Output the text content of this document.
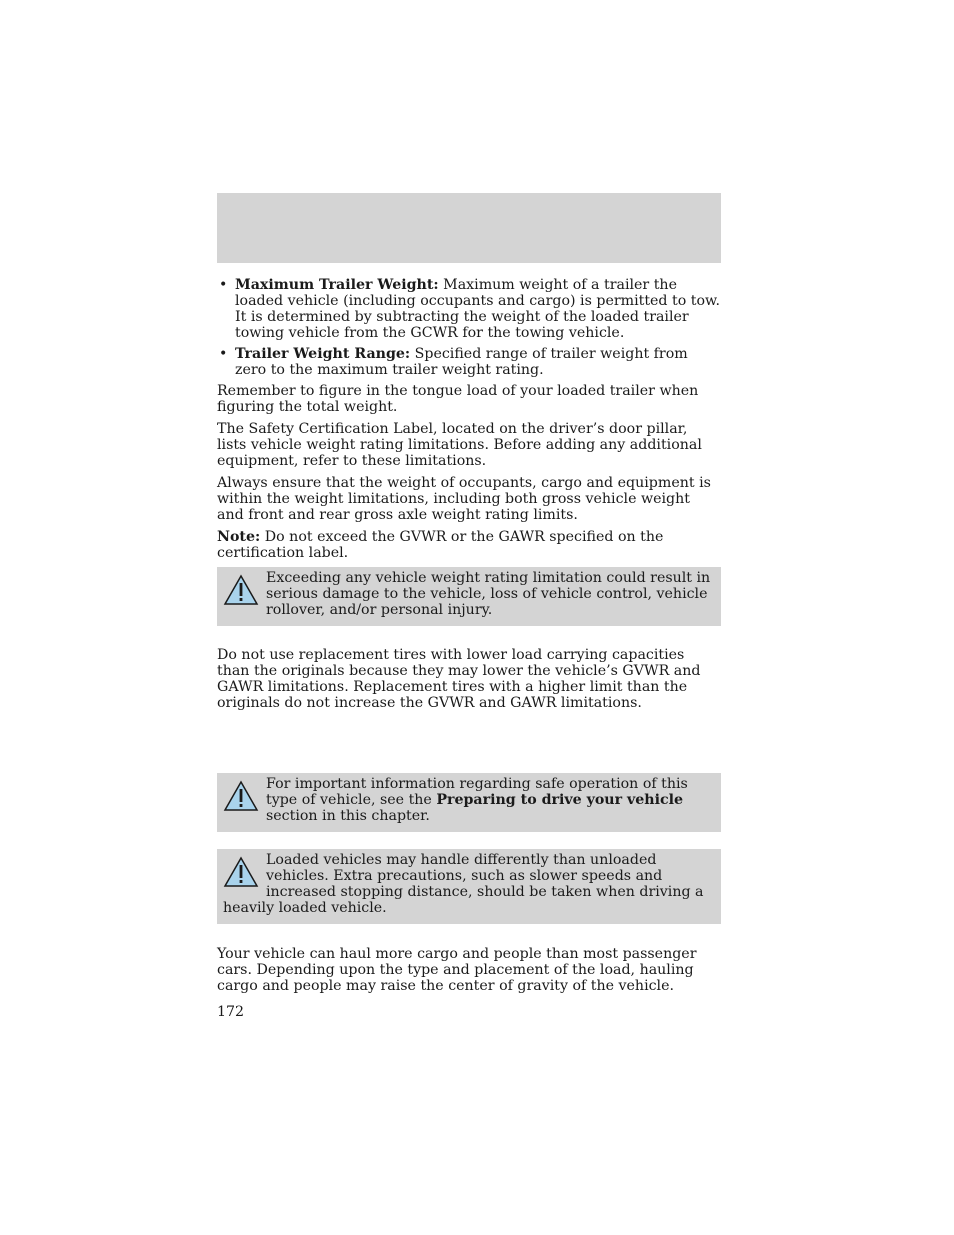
• Maximum Trailer Weight: Maximum weight of a trailer the loaded vehicle (including occupants and cargo) is permitted to tow. It is determined by subtracting the weight of the loaded trailer towing vehicle from the GCWR for the towing vehicle.
• Trailer Weight Range: Specified range of trailer weight from zero to the maximum trailer weight rating.

Remember to figure in the tongue load of your loaded trailer when figuring the total weight.

The Safety Certification Label, located on the driver’s door pillar, lists vehicle weight rating limitations. Before adding any additional equipment, refer to these limitations.

Always ensure that the weight of occupants, cargo and equipment is within the weight limitations, including both gross vehicle weight and front and rear gross axle weight rating limits.

Note: Do not exceed the GVWR or the GAWR specified on the certification label.

Exceeding any vehicle weight rating limitation could result in serious damage to the vehicle, loss of vehicle control, vehicle rollover, and/or personal injury.

Do not use replacement tires with lower load carrying capacities than the originals because they may lower the vehicle’s GVWR and GAWR limitations. Replacement tires with a higher limit than the originals do not increase the GVWR and GAWR limitations.

For important information regarding safe operation of this type of vehicle, see the Preparing to drive your vehicle section in this chapter.
Loaded vehicles may handle differently than unloaded vehicles. Extra precautions, such as slower speeds and increased stopping distance, should be taken when driving a heavily loaded vehicle.

Your vehicle can haul more cargo and people than most passenger cars. Depending upon the type and placement of the load, hauling cargo and people may raise the center of gravity of the vehicle.

172
